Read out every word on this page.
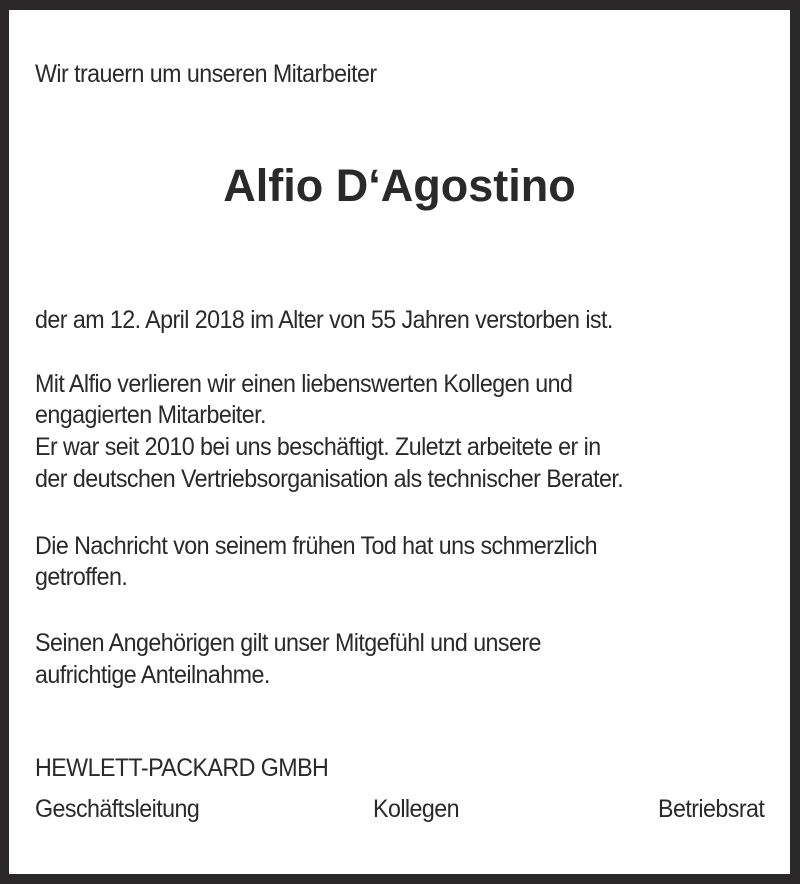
Wir trauern um unseren Mitarbeiter
Alfio D‘Agostino
der am 12. April 2018 im Alter von 55 Jahren verstorben ist.
Mit Alfio verlieren wir einen liebenswerten Kollegen und
engagierten Mitarbeiter.
Er war seit 2010 bei uns beschäftigt. Zuletzt arbeitete er in
der deutschen Vertriebsorganisation als technischer Berater.
Die Nachricht von seinem frühen Tod hat uns schmerzlich
getroffen.
Seinen Angehörigen gilt unser Mitgefühl und unsere
aufrichtige Anteilnahme.
HEWLETT-PACKARD GMBH
Geschäftsleitung	Kollegen	Betriebsrat
